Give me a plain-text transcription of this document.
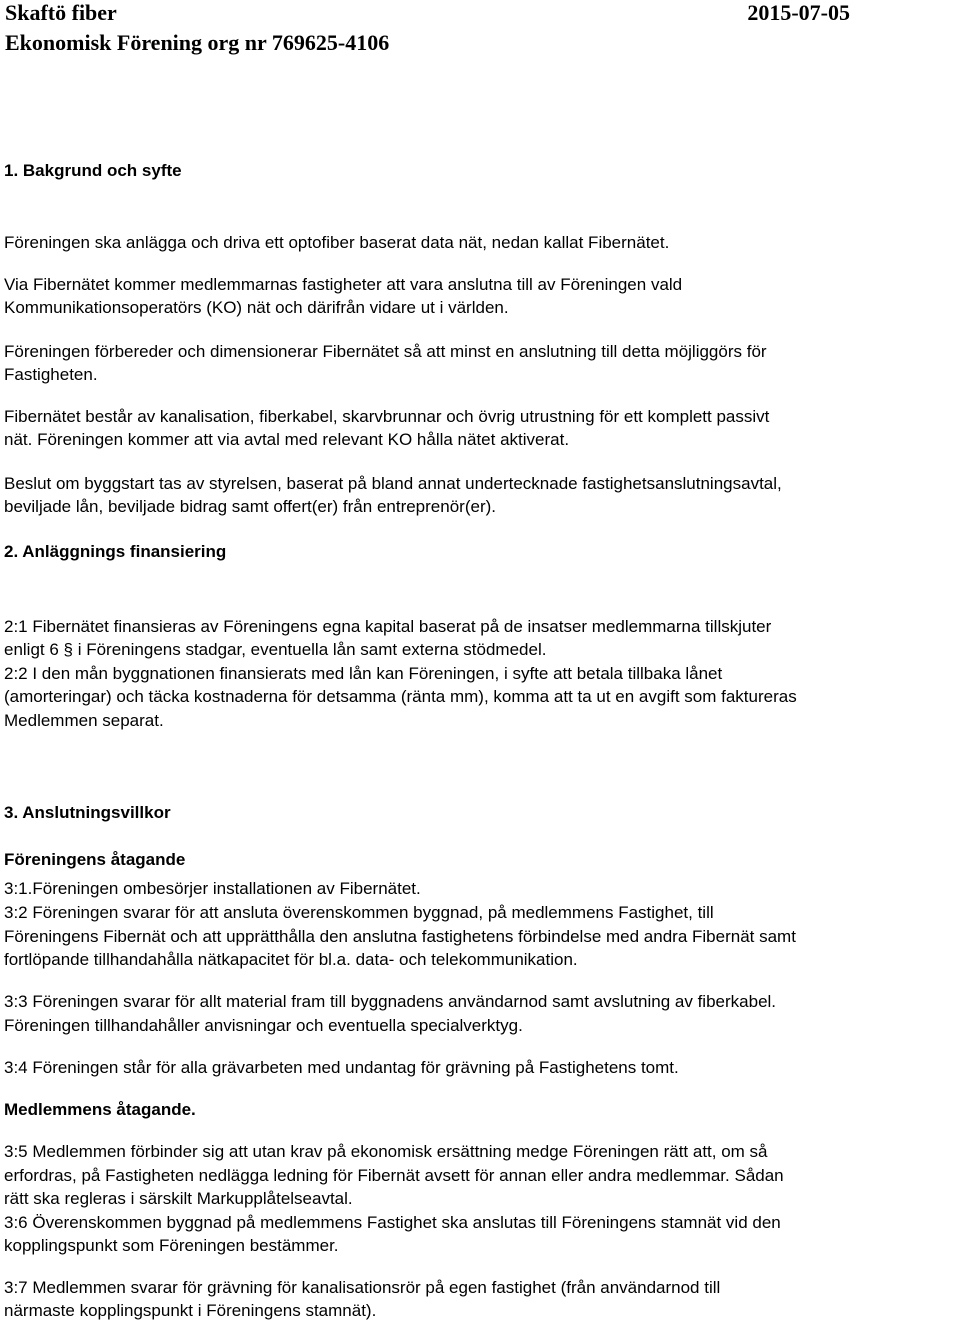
Skaftö fiber
Ekonomisk Förening org nr 769625-4106
2015-07-05
1. Bakgrund och syfte
Föreningen ska anlägga och driva ett optofiber baserat data nät, nedan kallat Fibernätet.
Via Fibernätet kommer medlemmarnas fastigheter att vara anslutna till av Föreningen vald
Kommunikationsoperatörs (KO) nät och därifrån vidare ut i världen.
Föreningen förbereder och dimensionerar Fibernätet så att minst en anslutning till detta möjliggörs för
Fastigheten.
Fibernätet består av kanalisation, fiberkabel, skarvbrunnar och övrig utrustning för ett komplett passivt
nät. Föreningen kommer att via avtal med relevant KO hålla nätet aktiverat.
Beslut om byggstart tas av styrelsen, baserat på bland annat undertecknade fastighetsanslutningsavtal,
beviljade lån, beviljade bidrag samt offert(er) från entreprenör(er).
2. Anläggnings finansiering
2:1 Fibernätet finansieras av Föreningens egna kapital baserat på de insatser medlemmarna tillskjuter
enligt 6 § i Föreningens stadgar, eventuella lån samt externa stödmedel.
2:2 I den mån byggnationen finansierats med lån kan Föreningen, i syfte att betala tillbaka lånet
(amorteringar) och täcka kostnaderna för detsamma (ränta mm), komma att ta ut en avgift som faktureras
Medlemmen separat.
3. Anslutningsvillkor
Föreningens åtagande
3:1.Föreningen ombesörjer installationen av Fibernätet.
3:2 Föreningen svarar för att ansluta överenskommen byggnad, på medlemmens Fastighet, till
Föreningens Fibernät och att upprätthålla den anslutna fastighetens förbindelse med andra Fibernät samt
fortlöpande tillhandahålla nätkapacitet för bl.a. data- och telekommunikation.
3:3 Föreningen svarar för allt material fram till byggnadens användarnod samt avslutning av fiberkabel.
Föreningen tillhandahåller anvisningar och eventuella specialverktyg.
3:4 Föreningen står för alla grävarbeten med undantag för grävning på Fastighetens tomt.
Medlemmens åtagande.
3:5 Medlemmen förbinder sig att utan krav på ekonomisk ersättning medge Föreningen rätt att, om så
erfordras, på Fastigheten nedlägga ledning för Fibernät avsett för annan eller andra medlemmar. Sådan
rätt ska regleras i särskilt Markupplåtelseavtal.
3:6 Överenskommen byggnad på medlemmens Fastighet ska anslutas till Föreningens stamnät vid den
kopplingspunkt som Föreningen bestämmer.
3:7 Medlemmen svarar för grävning för kanalisationsrör på egen fastighet (från användarnod till
närmaste kopplingspunkt i Föreningens stamnät).
